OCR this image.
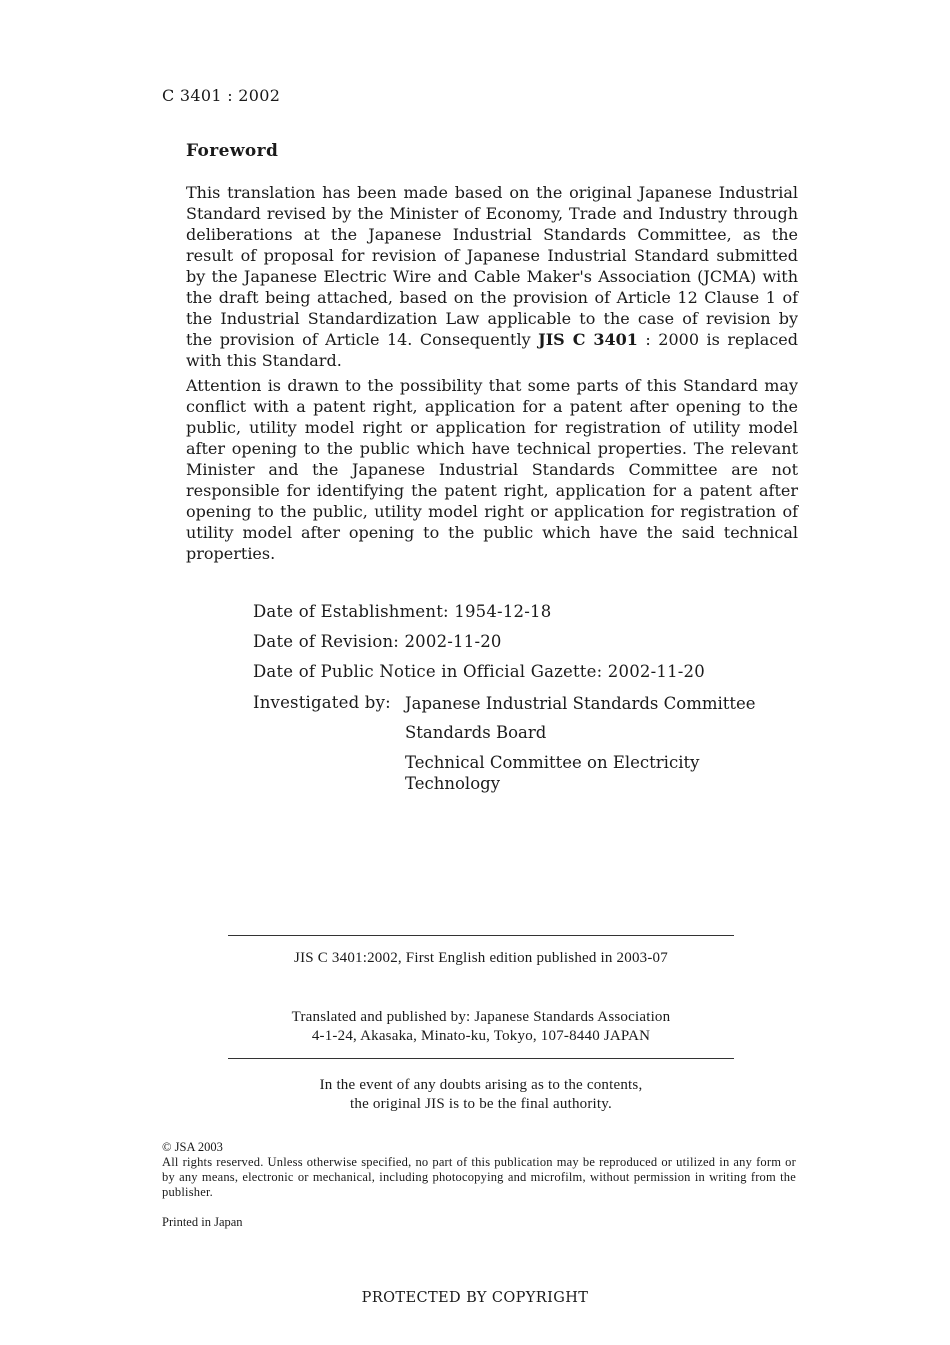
C 3401 : 2002
Foreword

This translation has been made based on the original Japanese Industrial Standard revised by the Minister of Economy, Trade and Industry through deliberations at the Japanese Industrial Standards Committee, as the result of proposal for revision of Japanese Industrial Standard submitted by the Japanese Electric Wire and Cable Maker's Association (JCMA) with the draft being attached, based on the provision of Article 12 Clause 1 of the Industrial Standardization Law applicable to the case of revision by the provision of Article 14. Consequently JIS C 3401 : 2000 is replaced with this Standard.

Attention is drawn to the possibility that some parts of this Standard may conflict with a patent right, application for a patent after opening to the public, utility model right or application for registration of utility model after opening to the public which have technical properties. The relevant Minister and the Japanese Industrial Standards Committee are not responsible for identifying the patent right, application for a patent after opening to the public, utility model right or application for registration of utility model after opening to the public which have the said technical properties.

Date of Establishment: 1954-12-18
Date of Revision: 2002-11-20
Date of Public Notice in Official Gazette: 2002-11-20
Investigated by: Japanese Industrial Standards Committee
Standards Board
Technical Committee on Electricity
Technology
JIS C 3401:2002, First English edition published in 2003-07
Translated and published by: Japanese Standards Association
4-1-24, Akasaka, Minato-ku, Tokyo, 107-8440 JAPAN
In the event of any doubts arising as to the contents,
the original JIS is to be the final authority.
© JSA 2003
All rights reserved. Unless otherwise specified, no part of this publication may be reproduced or utilized in any form or by any means, electronic or mechanical, including photocopying and microfilm, without permission in writing from the publisher.
Printed in Japan
PROTECTED BY COPYRIGHT
